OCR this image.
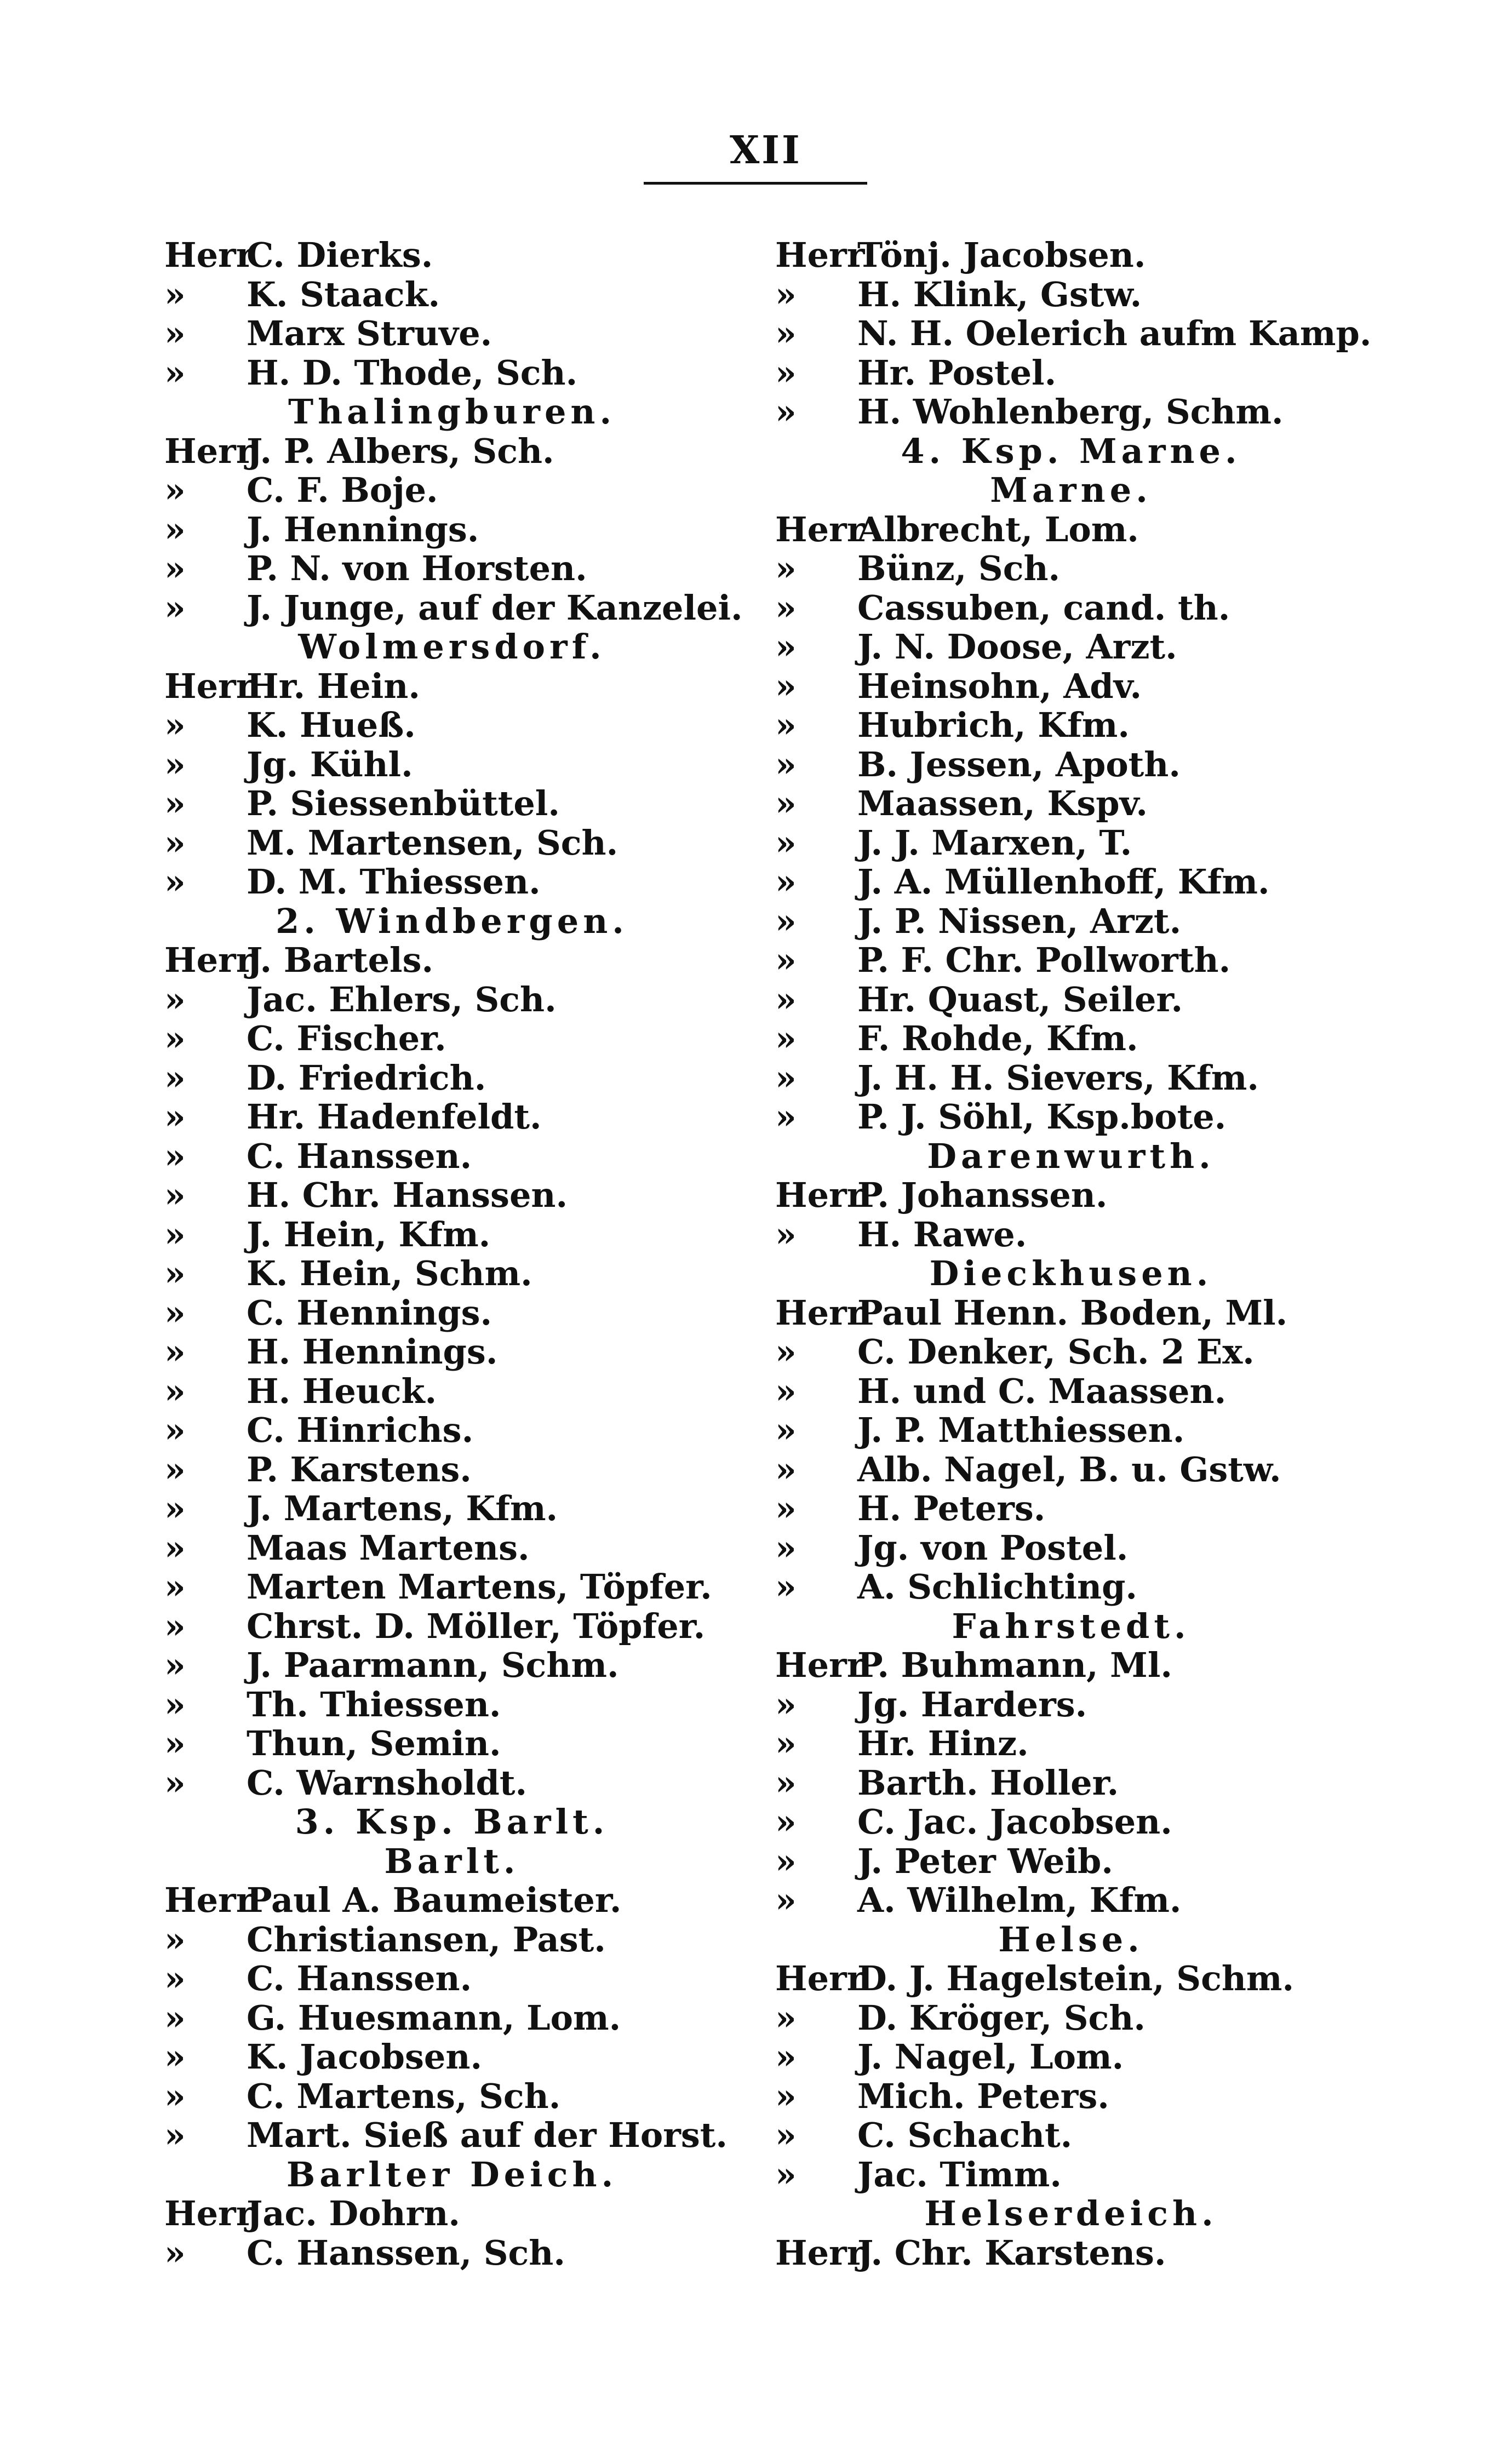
XII
HerrC. Dierks.
» K. Staack.
» Marx Struve.
» H. D. Thode, Sch.
Thalingburen.
HerrJ. P. Albers, Sch.
» C. F. Boje.
» J. Hennings.
» P. N. von Horsten.
» J. Junge, auf der Kanzelei.
Wolmersdorf.
HerrHr. Hein.
» K. Hueß.
» Jg. Kühl.
» P. Siessenbüttel.
» M. Martensen, Sch.
» D. M. Thiessen.
2. Windbergen.
HerrJ. Bartels.
» Jac. Ehlers, Sch.
» C. Fischer.
» D. Friedrich.
» Hr. Hadenfeldt.
» C. Hanssen.
» H. Chr. Hanssen.
» J. Hein, Kfm.
» K. Hein, Schm.
» C. Hennings.
» H. Hennings.
» H. Heuck.
» C. Hinrichs.
» P. Karstens.
» J. Martens, Kfm.
» Maas Martens.
» Marten Martens, Töpfer.
» Chrst. D. Möller, Töpfer.
» J. Paarmann, Schm.
» Th. Thiessen.
» Thun, Semin.
» C. Warnsholdt.
3. Ksp. Barlt.
Barlt.
HerrPaul A. Baumeister.
» Christiansen, Past.
» C. Hanssen.
» G. Huesmann, Lom.
» K. Jacobsen.
» C. Martens, Sch.
» Mart. Sieß auf der Horst.
Barlter Deich.
HerrJac. Dohrn.
» C. Hanssen, Sch.
HerrTönj. Jacobsen.
» H. Klink, Gstw.
» N. H. Oelerich aufm Kamp.
» Hr. Postel.
» H. Wohlenberg, Schm.
4. Ksp. Marne.
Marne.
HerrAlbrecht, Lom.
» Bünz, Sch.
» Cassuben, cand. th.
» J. N. Doose, Arzt.
» Heinsohn, Adv.
» Hubrich, Kfm.
» B. Jessen, Apoth.
» Maassen, Kspv.
» J. J. Marxen, T.
» J. A. Müllenhoff, Kfm.
» J. P. Nissen, Arzt.
» P. F. Chr. Pollworth.
» Hr. Quast, Seiler.
» F. Rohde, Kfm.
» J. H. H. Sievers, Kfm.
» P. J. Söhl, Ksp.bote.
Darenwurth.
HerrP. Johanssen.
» H. Rawe.
Dieckhusen.
HerrPaul Henn. Boden, Ml.
» C. Denker, Sch. 2 Ex.
» H. und C. Maassen.
» J. P. Matthiessen.
» Alb. Nagel, B. u. Gstw.
» H. Peters.
» Jg. von Postel.
» A. Schlichting.
Fahrstedt.
HerrP. Buhmann, Ml.
» Jg. Harders.
» Hr. Hinz.
» Barth. Holler.
» C. Jac. Jacobsen.
» J. Peter Weib.
» A. Wilhelm, Kfm.
Helse.
HerrD. J. Hagelstein, Schm.
» D. Kröger, Sch.
» J. Nagel, Lom.
» Mich. Peters.
» C. Schacht.
» Jac. Timm.
Helserdeich.
HerrJ. Chr. Karstens.
